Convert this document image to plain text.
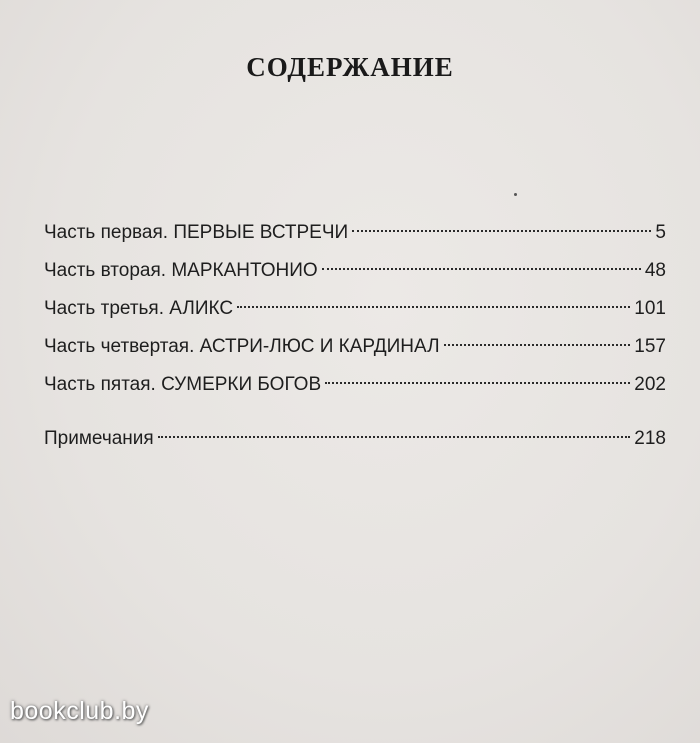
СОДЕРЖАНИЕ
Часть первая. ПЕРВЫЕ ВСТРЕЧИ	5
Часть вторая. МАРКАНТОНИО	48
Часть третья. АЛИКС	101
Часть четвертая. АСТРИ-ЛЮС И КАРДИНАЛ	157
Часть пятая. СУМЕРКИ БОГОВ	202
Примечания	218
bookclub.by
